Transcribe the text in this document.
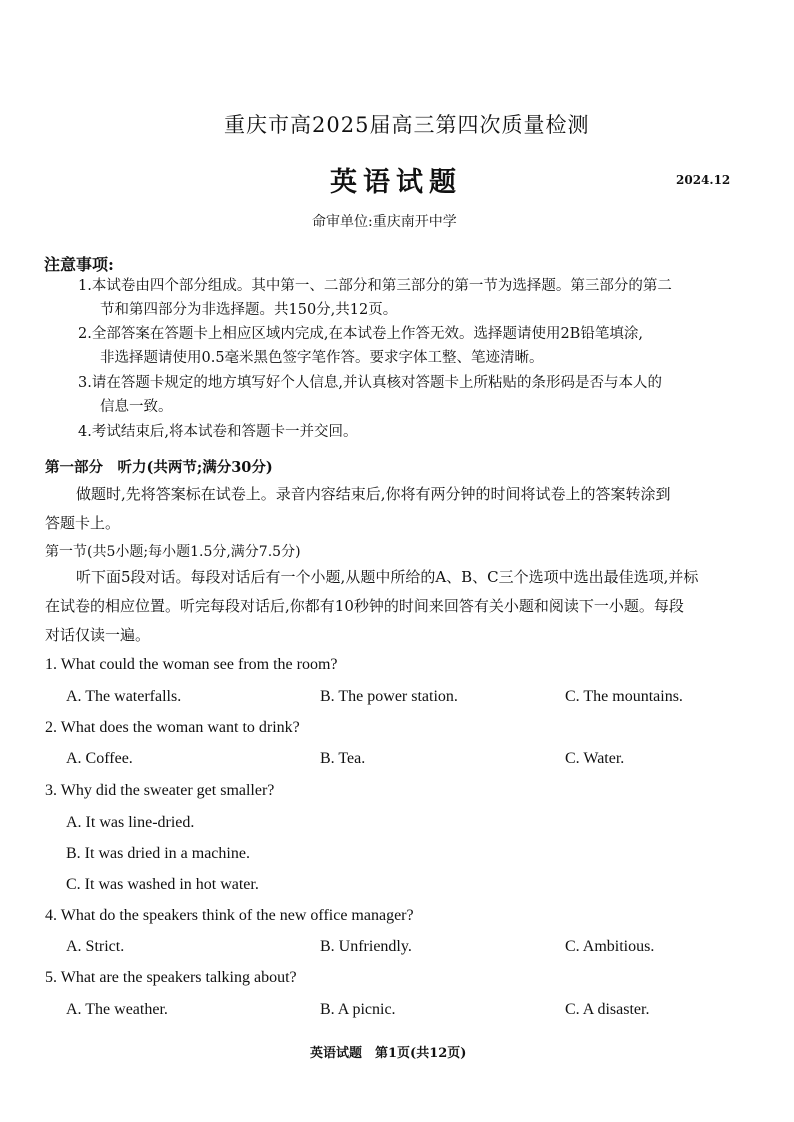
重庆市高2025届高三第四次质量检测
英语试题	2024.12
命审单位:重庆南开中学
注意事项:
1.本试卷由四个部分组成。其中第一、二部分和第三部分的第一节为选择题。第三部分的第二
节和第四部分为非选择题。共150分,共12页。
2.全部答案在答题卡上相应区域内完成,在本试卷上作答无效。选择题请使用2B铅笔填涂,
非选择题请使用0.5毫米黑色签字笔作答。要求字体工整、笔迹清晰。
3.请在答题卡规定的地方填写好个人信息,并认真核对答题卡上所粘贴的条形码是否与本人的
信息一致。
4.考试结束后,将本试卷和答题卡一并交回。
第一部分　听力(共两节;满分30分)
做题时,先将答案标在试卷上。录音内容结束后,你将有两分钟的时间将试卷上的答案转涂到
答题卡上。
第一节(共5小题;每小题1.5分,满分7.5分)
听下面5段对话。每段对话后有一个小题,从题中所给的A、B、C三个选项中选出最佳选项,并标
在试卷的相应位置。听完每段对话后,你都有10秒钟的时间来回答有关小题和阅读下一小题。每段
对话仅读一遍。
1. What could the woman see from the room?
A. The waterfalls.	B. The power station.	C. The mountains.
2. What does the woman want to drink?
A. Coffee.	B. Tea.	C. Water.
3. Why did the sweater get smaller?
A. It was line-dried.
B. It was dried in a machine.
C. It was washed in hot water.
4. What do the speakers think of the new office manager?
A. Strict.	B. Unfriendly.	C. Ambitious.
5. What are the speakers talking about?
A. The weather.	B. A picnic.	C. A disaster.
英语试题　第1页(共12页)
